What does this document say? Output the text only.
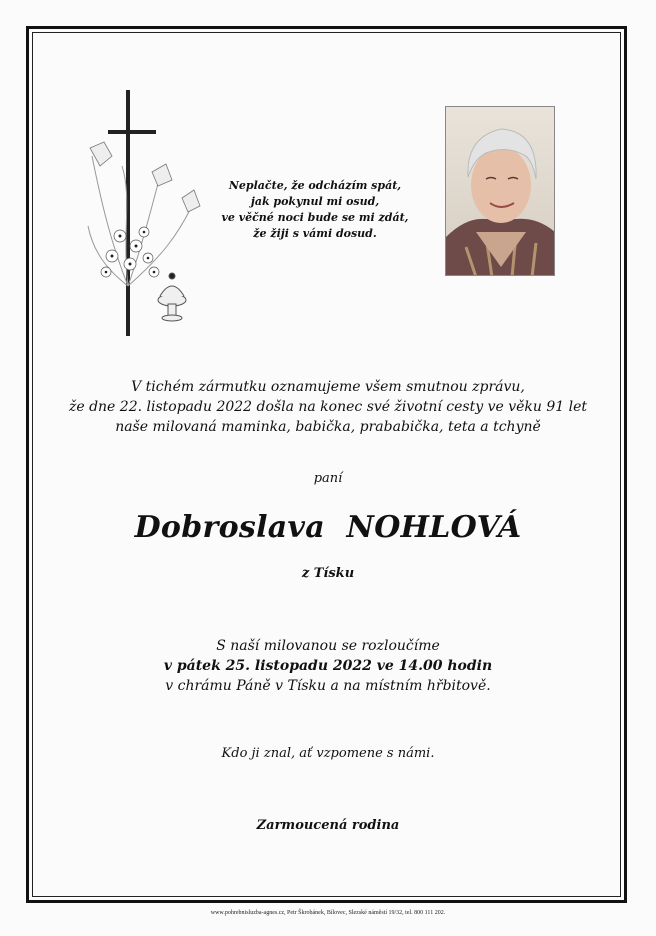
Neplačte, že odcházím spát,
jak pokynul mi osud,
ve věčné noci bude se mi zdát,
že žiji s vámi dosud.
V tichém zármutku oznamujeme všem smutnou zprávu,
že dne 22. listopadu 2022 došla na konec své životní cesty ve věku 91 let
naše milovaná maminka, babička, prababička, teta a tchyně
paní
Dobroslava  NOHLOVÁ
z Tísku
S naší milovanou se rozloučíme
v pátek 25. listopadu 2022 ve 14.00 hodin
v chrámu Páně v Tísku a na místním hřbitově.
Kdo ji znal, ať vzpomene s námi.
Zarmoucená rodina
www.pohrebnisluzba-agnes.cz, Petr Škrobánek, Bílovec, Slezské náměstí 19/32, tel. 800 111 202.
